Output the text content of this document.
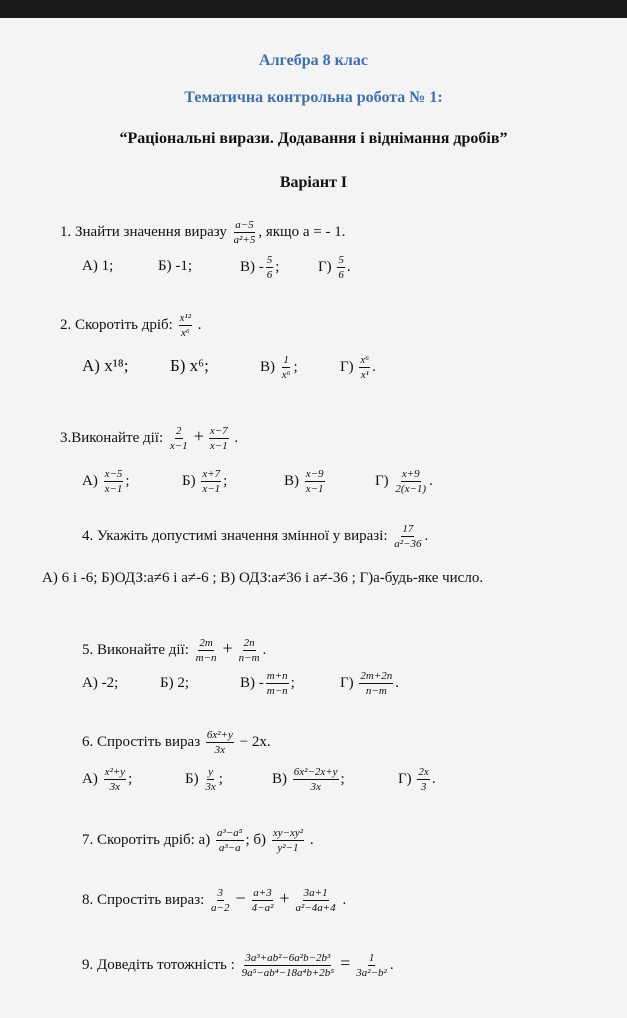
Алгебра 8 клас
Тематична контрольна робота № 1:
“Раціональні вирази. Додавання і віднімання дробів”
Варіант І
1. Знайти значення виразу $\frac{a-5}{\text{a²+5}}$ , якщо a = - 1.
А) 1;	Б) -1;	$В) - \frac{5}{6}$ ;	$Г) \frac{5}{6}$ .
2. Скоротіть дріб: $\frac{\text{x¹²}}{\text{x⁶}}$ .
А) x¹⁸; Б) x⁶;	$В) \frac{1}{\text{x⁶}}$ ;	$Г) \frac{\text{x⁶}}{\text{x¹}}$ .
3.Виконайте дії: $\frac{2}{x-1} + \frac{x-7}{x-1}$ .
$А) \frac{x-5}{x-1}$ ;	$Б) \frac{x+7}{x-1}$ ;	$В) \frac{x-9}{x-1}$	$Г) \frac{x+9}{2(x-1)}$ .
4. Укажіть допустимі значення змінної у виразі: $\frac{17}{\text{a²−36}}$ .
А) 6 і -6; Б)ОДЗ:a≠6 і a≠-6 ; В) ОДЗ:a≠36 і a≠-36 ; Г)a-будь-яке число.
5. Виконайте дії: $\frac{2m}{m-n} + \frac{2n}{n-m}$ .
А) -2;	Б) 2;	$В) - \frac{m+n}{m-n}$ ;	$Г) \frac{2m+2n}{n-m}$ .
6. Спростіть вираз $\frac{\text{6x²+y}}{3x} - 2x$.
$А) \frac{\text{x²+y}}{3x}$ ;	$Б) \frac{y}{3x}$ ;	$В) \frac{\text{6x²−2x+y}}{3x}$ ;	$Г) \frac{2x}{3}$ .
7. Скоротіть дріб: $а) \frac{\text{a³−a⁵}}{\text{a³−a}}$ ; $б) \frac{\text{xy−xy²}}{\text{y²−1}}$ .
8. Спростіть вираз: $\frac{3}{a-2} - \frac{a+3}{\text{4−a²}} + \frac{3a+1}{\text{a²−4a+4}}$ .
9. Доведіть тотожність : $\frac{\text{3a³+ab²−6a²b−2b³}}{\text{9a⁵−ab⁴−18a⁴b+2b⁵}} = \frac{1}{\text{3a²−b²}}$ .
